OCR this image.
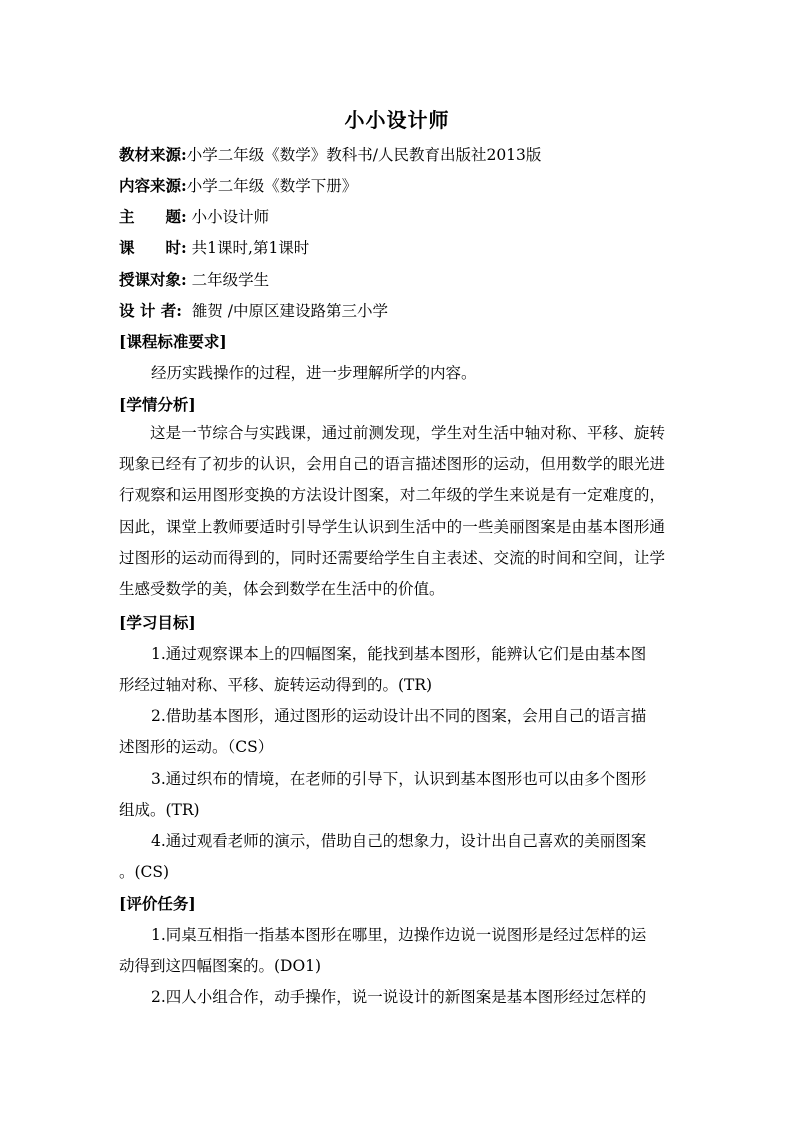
小小设计师
教材来源:小学二年级《数学》教科书/人民教育出版社2013版
内容来源:小学二年级《数学下册》
主　　题: 小小设计师
课　　时: 共1课时,第1课时
授课对象: 二年级学生
设 计 者:  雒贺 /中原区建设路第三小学
[课程标准要求]
经历实践操作的过程，进一步理解所学的内容。
[学情分析]
这是一节综合与实践课，通过前测发现，学生对生活中轴对称、平移、旋转现象已经有了初步的认识，会用自己的语言描述图形的运动，但用数学的眼光进行观察和运用图形变换的方法设计图案，对二年级的学生来说是有一定难度的，因此，课堂上教师要适时引导学生认识到生活中的一些美丽图案是由基本图形通过图形的运动而得到的，同时还需要给学生自主表述、交流的时间和空间，让学生感受数学的美，体会到数学在生活中的价值。
[学习目标]
1.通过观察课本上的四幅图案，能找到基本图形，能辨认它们是由基本图
形经过轴对称、平移、旋转运动得到的。(TR)
2.借助基本图形，通过图形的运动设计出不同的图案，会用自己的语言描
述图形的运动。（CS）
3.通过织布的情境，在老师的引导下，认识到基本图形也可以由多个图形
组成。(TR)
4.通过观看老师的演示，借助自己的想象力，设计出自己喜欢的美丽图案
。(CS)
[评价任务]
1.同桌互相指一指基本图形在哪里，边操作边说一说图形是经过怎样的运
动得到这四幅图案的。(DO1)
2.四人小组合作，动手操作，说一说设计的新图案是基本图形经过怎样的
